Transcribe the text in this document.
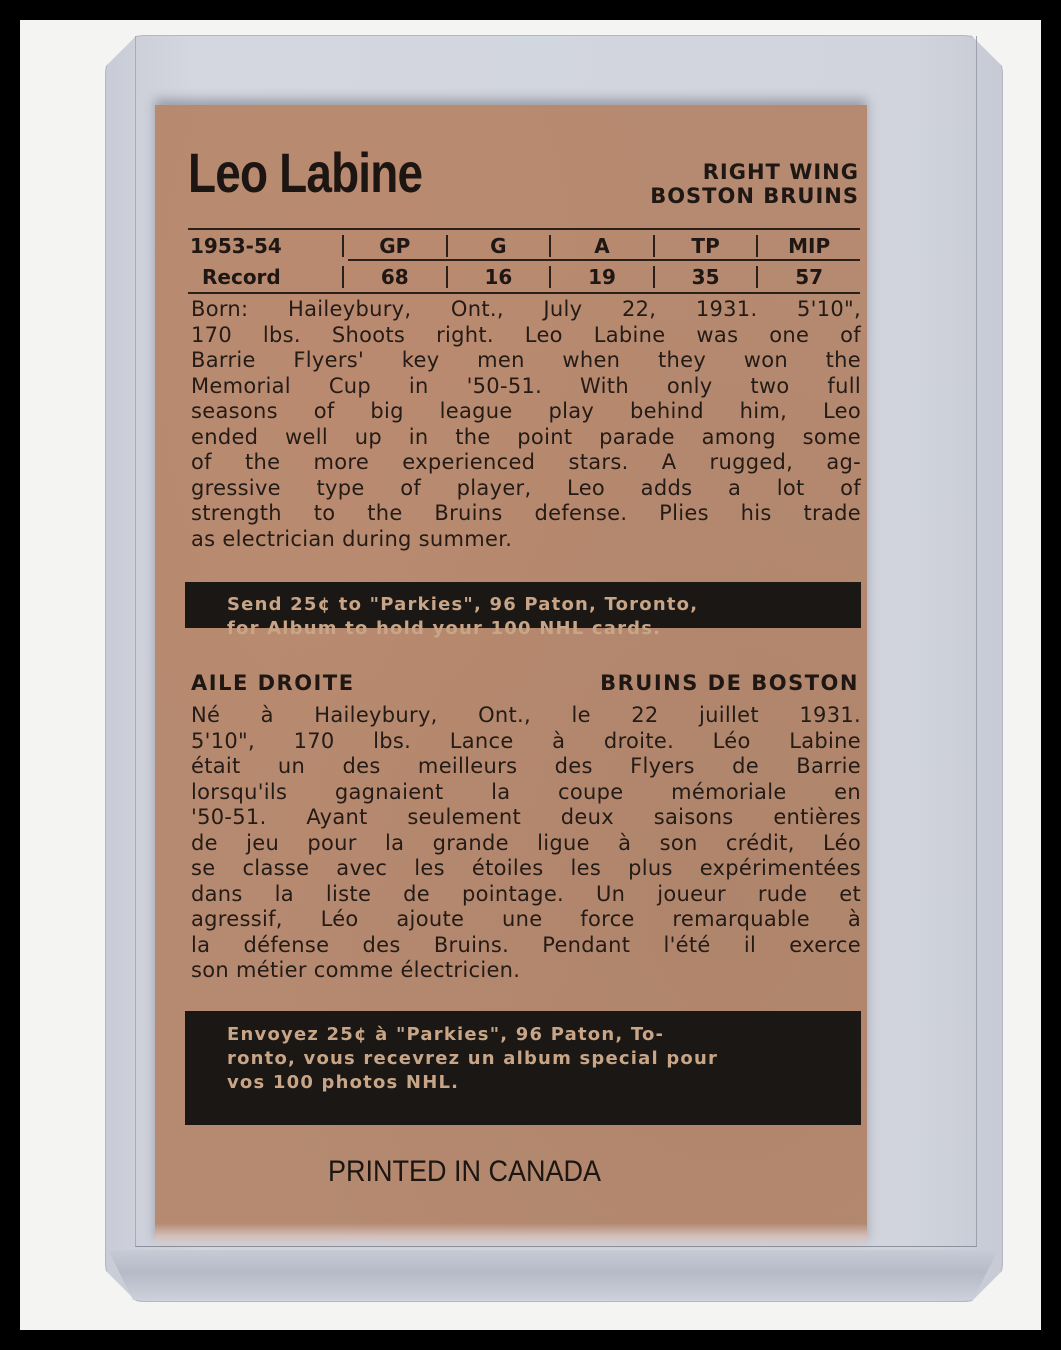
Leo Labine	RIGHT WING
BOSTON BRUINS
1953-54	GP	G	A	TP	MIP
Record	68	16	19	35	57
Born: Haileybury, Ont., July 22, 1931. 5'10",
170 lbs. Shoots right. Leo Labine was one of
Barrie Flyers' key men when they won the
Memorial Cup in '50-51. With only two full
seasons of big league play behind him, Leo
ended well up in the point parade among some
of the more experienced stars. A rugged, ag-
gressive type of player, Leo adds a lot of
strength to the Bruins defense. Plies his trade
as electrician during summer.
Send 25¢ to "Parkies", 96 Paton, Toronto,
for Album to hold your 100 NHL cards.
AILE DROITE	BRUINS DE BOSTON
Né à Haileybury, Ont., le 22 juillet 1931.
5'10", 170 lbs. Lance à droite. Léo Labine
était un des meilleurs des Flyers de Barrie
lorsqu'ils gagnaient la coupe mémoriale en
'50-51. Ayant seulement deux saisons entières
de jeu pour la grande ligue à son crédit, Léo
se classe avec les étoiles les plus expérimentées
dans la liste de pointage. Un joueur rude et
agressif, Léo ajoute une force remarquable à
la défense des Bruins. Pendant l'été il exerce
son métier comme électricien.
Envoyez 25¢ à "Parkies", 96 Paton, To-
ronto, vous recevrez un album special pour
vos 100 photos NHL.
PRINTED IN CANADA
